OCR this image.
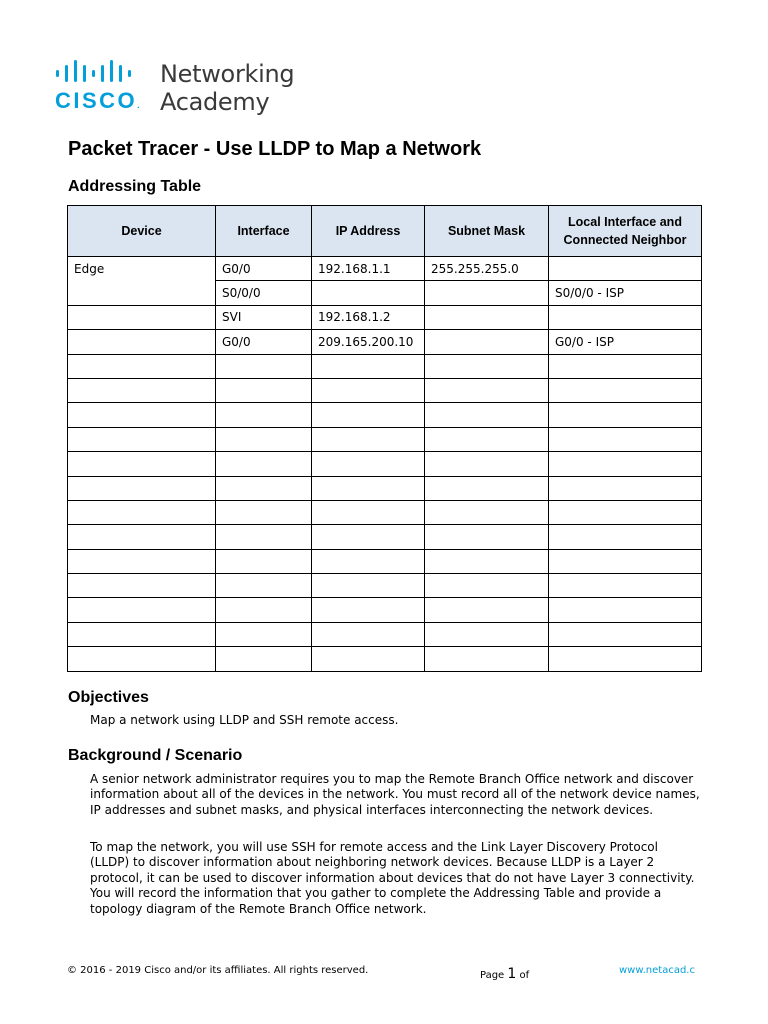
CISCO.
Networking
Academy
Packet Tracer - Use LLDP to Map a Network
Addressing Table
Device	Interface	IP Address	Subnet Mask	Local Interface and Connected Neighbor
Edge	G0/0	192.168.1.1	255.255.255.0	
	S0/0/0			S0/0/0 - ISP
	SVI	192.168.1.2		
	G0/0	209.165.200.10		G0/0 - ISP

Objectives

Map a network using LLDP and SSH remote access.

Background / Scenario

A senior network administrator requires you to map the Remote Branch Office network and discover information about all of the devices in the network. You must record all of the network device names, IP addresses and subnet masks, and physical interfaces interconnecting the network devices.

To map the network, you will use SSH for remote access and the Link Layer Discovery Protocol (LLDP) to discover information about neighboring network devices. Because LLDP is a Layer 2 protocol, it can be used to discover information about devices that do not have Layer 3 connectivity. You will record the information that you gather to complete the Addressing Table and provide a topology diagram of the Remote Branch Office network.

© 2016 - 2019 Cisco and/or its affiliates. All rights reserved.	Page 1 of	www.netacad.c
